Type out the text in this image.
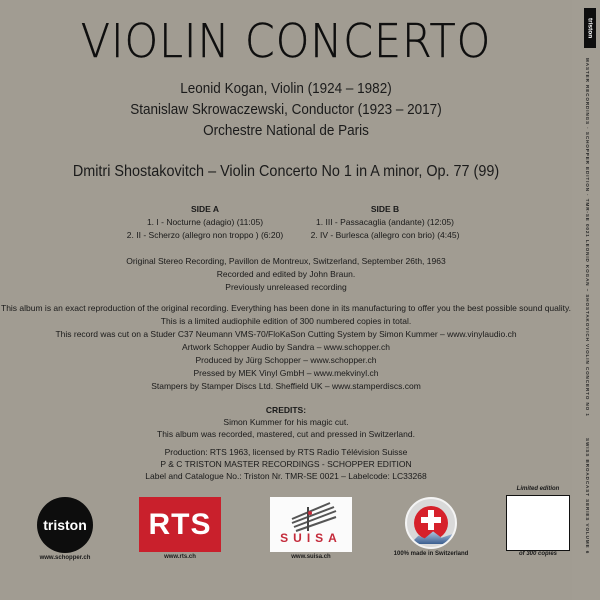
VIOLIN CONCERTO
Leonid Kogan, Violin (1924 – 1982)
Stanislaw Skrowaczewski, Conductor (1923 – 2017)
Orchestre National de Paris
Dmitri Shostakovitch – Violin Concerto No 1 in A minor, Op. 77 (99)
SIDE A
1. I - Nocturne (adagio) (11:05)
2. II - Scherzo (allegro non troppo ) (6:20)
SIDE B
1. III - Passacaglia (andante) (12:05)
2. IV - Burlesca (allegro con brio) (4:45)
Original Stereo Recording, Pavillon de Montreux, Switzerland, September 26th, 1963
Recorded and edited by John Braun.
Previously unreleased recording
This album is an exact reproduction of the original recording. Everything has been done in its manufacturing to offer you the best possible sound quality.
This is a limited audiophile edition of 300 numbered copies in total.
This record was cut on a Studer C37 Neumann VMS-70/FloKaSon Cutting System by Simon Kummer – www.vinylaudio.ch
Artwork Schopper Audio by Sandra – www.schopper.ch
Produced by Jürg Schopper – www.schopper.ch
Pressed by MEK Vinyl GmbH – www.mekvinyl.ch
Stampers by Stamper Discs Ltd. Sheffield UK – www.stamperdiscs.com
CREDITS:
Simon Kummer for his magic cut.
This album was recorded, mastered, cut and pressed in Switzerland.
Production: RTS 1963, licensed by RTS Radio Télévision Suisse
P & C TRISTON MASTER RECORDINGS - SCHOPPER EDITION
Label and Catalogue No.: Triston Nr. TMR-SE 0021 – Labelcode: LC33268
triston
www.schopper.ch
RTS
www.rts.ch
SUISA
www.suisa.ch	100% made in Switzerland
Limited edition
of 300 copies
triston
MASTER RECORDINGS · SCHOPPER EDITION · TMR-SE 0021
LEONID KOGAN – SHOSTAKOVICH VIOLIN CONCERTO NO 1
SWISS BROADCAST SERIES VOLUME 6
